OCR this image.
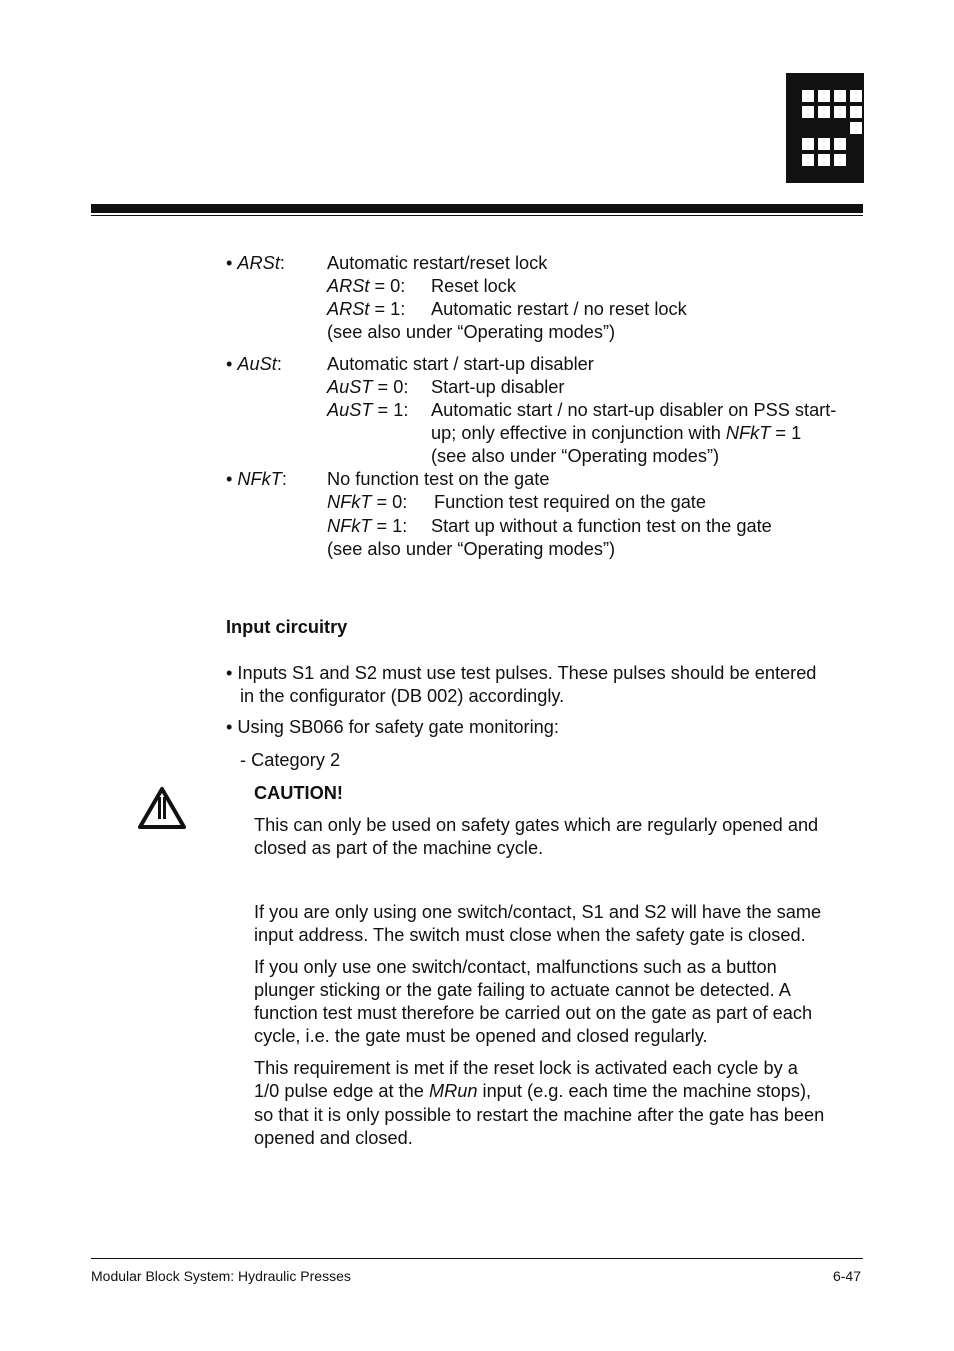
• ARSt: Automatic restart/reset lock
ARSt = 0: Reset lock
ARSt = 1: Automatic restart / no reset lock
(see also under “Operating modes”)
• AuSt: Automatic start / start-up disabler
AuST = 0: Start-up disabler
AuST = 1: Automatic start / no start-up disabler on PSS start-
up; only effective in conjunction with NFkT = 1
(see also under “Operating modes”)
• NFkT: No function test on the gate
NFkT = 0: Function test required on the gate
NFkT = 1: Start up without a function test on the gate
(see also under “Operating modes”)
Input circuitry
• Inputs S1 and S2 must use test pulses. These pulses should be entered
in the configurator (DB 002) accordingly.
• Using SB066 for safety gate monitoring:
- Category 2
CAUTION!
This can only be used on safety gates which are regularly opened and
closed as part of the machine cycle.
If you are only using one switch/contact, S1 and S2 will have the same
input address. The switch must close when the safety gate is closed.
If you only use one switch/contact, malfunctions such as a button
plunger sticking or the gate failing to actuate cannot be detected. A
function test must therefore be carried out on the gate as part of each
cycle, i.e. the gate must be opened and closed regularly.
This requirement is met if the reset lock is activated each cycle by a
1/0 pulse edge at the MRun input (e.g. each time the machine stops),
so that it is only possible to restart the machine after the gate has been
opened and closed.
Modular Block System: Hydraulic Presses	6-47
